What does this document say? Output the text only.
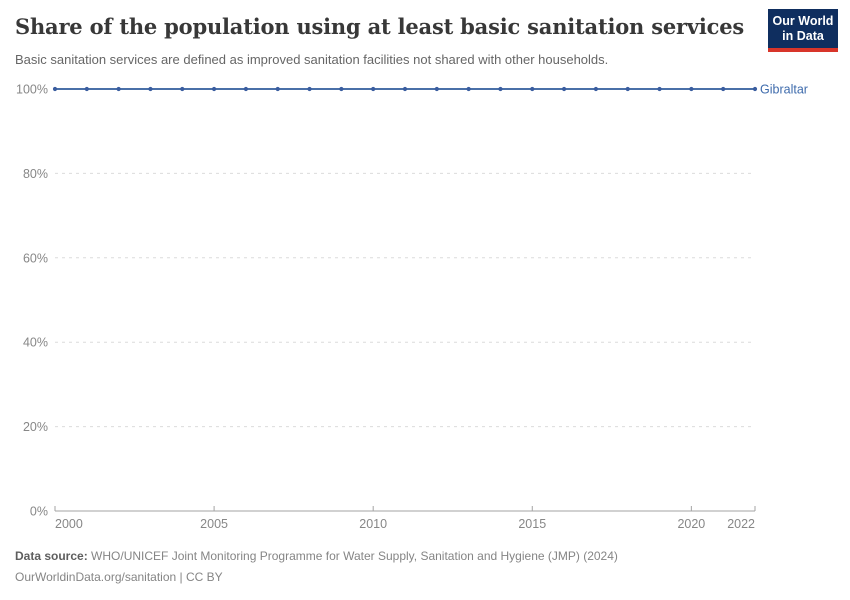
Share of the population using at least basic sanitation services

Basic sanitation services are defined as improved sanitation facilities not shared with other households.

Our World
in Data
0%
20%
40%
60%
80%
100%
2000	2005	2010	2015	2020 2022
Gibraltar
Data source: WHO/UNICEF Joint Monitoring Programme for Water Supply, Sanitation and Hygiene (JMP) (2024)
OurWorldinData.org/sanitation | CC BY
